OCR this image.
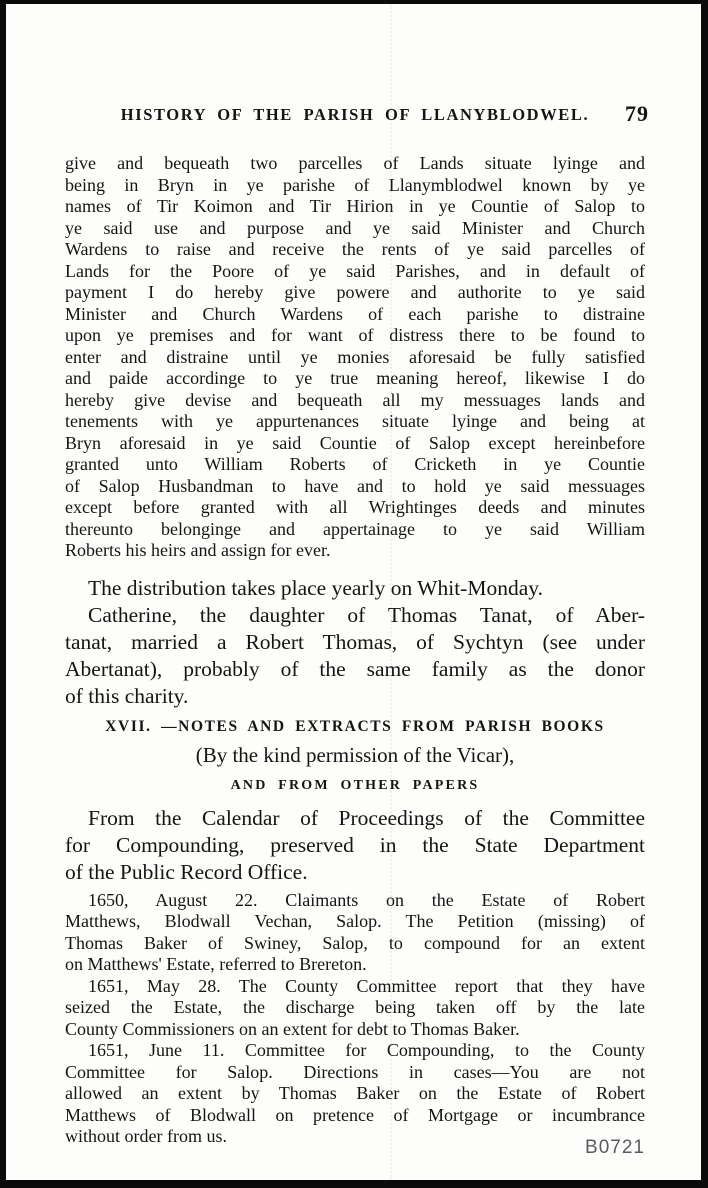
HISTORY OF THE PARISH OF LLANYBLODWEL. 79
give and bequeath two parcelles of Lands situate lyinge and
being in Bryn in ye parishe of Llanymblodwel known by ye
names of Tir Koimon and Tir Hirion in ye Countie of Salop to
ye said use and purpose and ye said Minister and Church
Wardens to raise and receive the rents of ye said parcelles of
Lands for the Poore of ye said Parishes, and in default of
payment I do hereby give powere and authorite to ye said
Minister and Church Wardens of each parishe to distraine
upon ye premises and for want of distress there to be found to
enter and distraine until ye monies aforesaid be fully satisfied
and paide accordinge to ye true meaning hereof, likewise I do
hereby give devise and bequeath all my messuages lands and
tenements with ye appurtenances situate lyinge and being at
Bryn aforesaid in ye said Countie of Salop except hereinbefore
granted unto William Roberts of Cricketh in ye Countie
of Salop Husbandman to have and to hold ye said messuages
except before granted with all Wrightinges deeds and minutes
thereunto belonginge and appertainage to ye said William
Roberts his heirs and assign for ever.
The distribution takes place yearly on Whit-Monday.
Catherine, the daughter of Thomas Tanat, of Aber-
tanat, married a Robert Thomas, of Sychtyn (see under
Abertanat), probably of the same family as the donor
of this charity.
XVII. —NOTES AND EXTRACTS FROM PARISH BOOKS
(By the kind permission of the Vicar),
AND FROM OTHER PAPERS
From the Calendar of Proceedings of the Committee
for Compounding, preserved in the State Department
of the Public Record Office.
1650, August 22. Claimants on the Estate of Robert
Matthews, Blodwall Vechan, Salop. The Petition (missing) of
Thomas Baker of Swiney, Salop, to compound for an extent
on Matthews' Estate, referred to Brereton.
1651, May 28. The County Committee report that they have
seized the Estate, the discharge being taken off by the late
County Commissioners on an extent for debt to Thomas Baker.
1651, June 11. Committee for Compounding, to the County
Committee for Salop. Directions in cases—You are not
allowed an extent by Thomas Baker on the Estate of Robert
Matthews of Blodwall on pretence of Mortgage or incumbrance
without order from us.
B0721
